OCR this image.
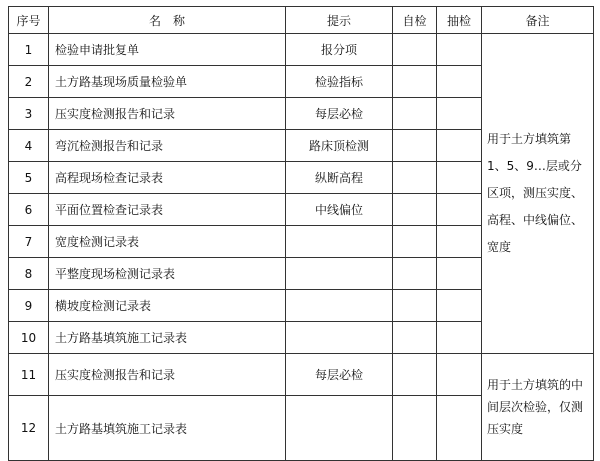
序号	名　称	提示	自检	抽检	备注
1	检验申请批复单	报分项			用于土方填筑第1、5、9…层或分区项，测压实度、高程、中线偏位、宽度
2	土方路基现场质量检验单	检验指标			
3	压实度检测报告和记录	每层必检			
4	弯沉检测报告和记录	路床顶检测			
5	高程现场检查记录表	纵断高程			
6	平面位置检查记录表	中线偏位			
7	宽度检测记录表				
8	平整度现场检测记录表				
9	横坡度检测记录表				
10	土方路基填筑施工记录表				
11	压实度检测报告和记录	每层必检			用于土方填筑的中间层次检验，仅测压实度
12	土方路基填筑施工记录表				
